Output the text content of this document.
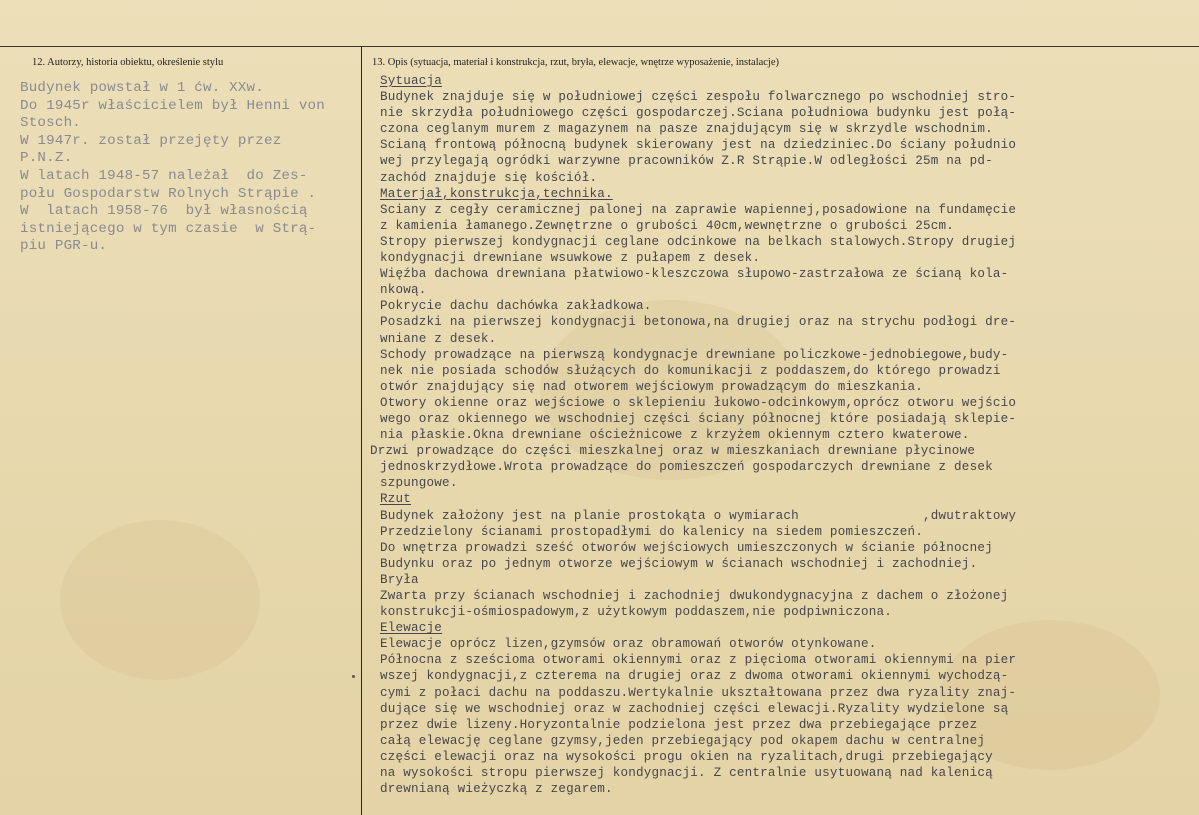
12. Autorzy, historia obiektu, określenie stylu	13. Opis (sytuacja, materiał i konstrukcja, rzut, bryła, elewacje, wnętrze wyposażenie, instalacje)
Budynek powstał w 1 ćw. XXw.
Do 1945r właścicielem był Henni von
Stosch.
W 1947r. został przejęty przez
P.N.Z.
W latach 1948-57 należał  do Zes-
połu Gospodarstw Rolnych Strąpie .
W  latach 1958-76  był własnością
istniejącego w tym czasie  w Strą-
piu PGR-u.
Sytuacja
Budynek znajduje się w południowej części zespołu folwarcznego po wschodniej stro-
nie skrzydła południowego części gospodarczej.Sciana południowa budynku jest połą-
czona ceglanym murem z magazynem na pasze znajdującym się w skrzydle wschodnim.
Scianą frontową północną budynek skierowany jest na dziedziniec.Do ściany południo
wej przylegają ogródki warzywne pracowników Z.R Strąpie.W odległości 25m na pd-
zachód znajduje się kościół.
Materjał,konstrukcja,technika.
Sciany z cegły ceramicznej palonej na zaprawie wapiennej,posadowione na fundamęcie
z kamienia łamanego.Zewnętrzne o grubości 40cm,wewnętrzne o grubości 25cm.
Stropy pierwszej kondygnacji ceglane odcinkowe na belkach stalowych.Stropy drugiej
kondygnacji drewniane wsuwkowe z pułapem z desek.
Więźba dachowa drewniana płatwiowo-kleszczowa słupowo-zastrzałowa ze ścianą kola-
nkową.
Pokrycie dachu dachówka zakładkowa.
Posadzki na pierwszej kondygnacji betonowa,na drugiej oraz na strychu podłogi dre-
wniane z desek.
Schody prowadzące na pierwszą kondygnacje drewniane policzkowe-jednobiegowe,budy-
nek nie posiada schodów służących do komunikacji z poddaszem,do którego prowadzi
otwór znajdujący się nad otworem wejściowym prowadzącym do mieszkania.
Otwory okienne oraz wejściowe o sklepieniu łukowo-odcinkowym,oprócz otworu wejścio
wego oraz okiennego we wschodniej części ściany północnej które posiadają sklepie-
nia płaskie.Okna drewniane ościeżnicowe z krzyżem okiennym cztero kwaterowe.
Drzwi prowadzące do części mieszkalnej oraz w mieszkaniach drewniane płycinowe
jednoskrzydłowe.Wrota prowadzące do pomieszczeń gospodarczych drewniane z desek
szpungowe.
Rzut
Budynek założony jest na planie prostokąta o wymiarach                ,dwutraktowy
Przedzielony ścianami prostopadłymi do kalenicy na siedem pomieszczeń.
Do wnętrza prowadzi sześć otworów wejściowych umieszczonych w ścianie północnej
Budynku oraz po jednym otworze wejściowym w ścianach wschodniej i zachodniej.
Bryła
Zwarta przy ścianach wschodniej i zachodniej dwukondygnacyjna z dachem o złożonej
konstrukcji-ośmiospadowym,z użytkowym poddaszem,nie podpiwniczona.
Elewacje
Elewacje oprócz lizen,gzymsów oraz obramowań otworów otynkowane.
Północna z sześcioma otworami okiennymi oraz z pięcioma otworami okiennymi na pier
wszej kondygnacji,z czterema na drugiej oraz z dwoma otworami okiennymi wychodzą-
cymi z połaci dachu na poddaszu.Wertykalnie ukształtowana przez dwa ryzality znaj-
dujące się we wschodniej oraz w zachodniej części elewacji.Ryzality wydzielone są
przez dwie lizeny.Horyzontalnie podzielona jest przez dwa przebiegające przez
całą elewację ceglane gzymsy,jeden przebiegający pod okapem dachu w centralnej
części elewacji oraz na wysokości progu okien na ryzalitach,drugi przebiegający
na wysokości stropu pierwszej kondygnacji. Z centralnie usytuowaną nad kalenicą
drewnianą wieżyczką z zegarem.
